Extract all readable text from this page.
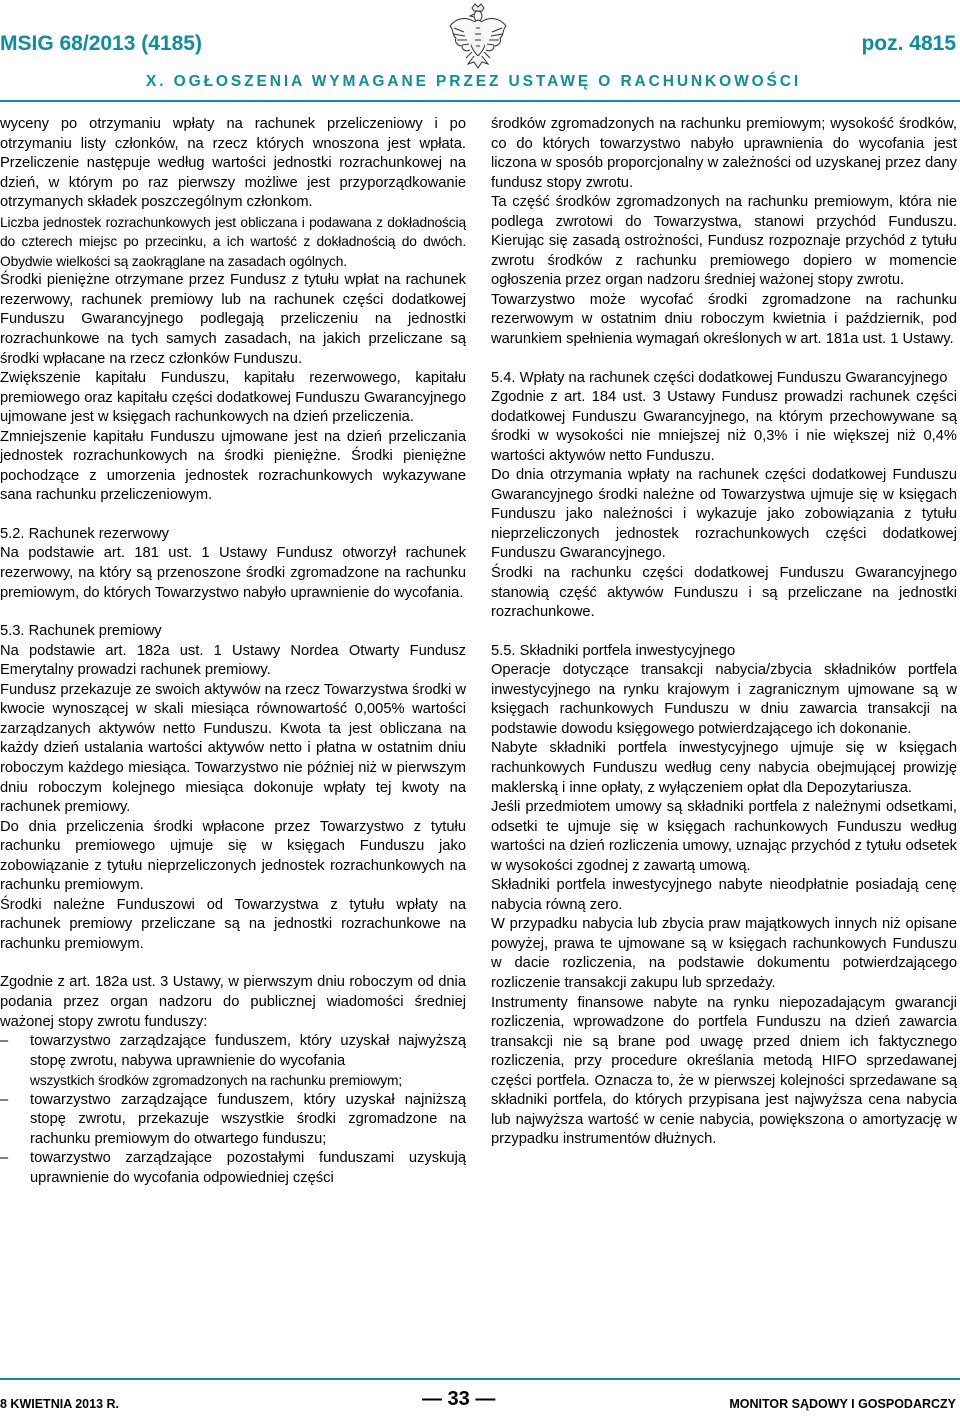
MSIG 68/2013 (4185)	poz. 4815
X. OGŁOSZENIA WYMAGANE PRZEZ USTAWĘ O RACHUNKOWOŚCI

wyceny po otrzymaniu wpłaty na rachunek przeliczeniowy i po otrzymaniu listy członków, na rzecz których wnoszona jest wpłata. Przeliczenie następuje według wartości jednostki rozrachunkowej na dzień, w którym po raz pierwszy możliwe jest przyporządkowanie otrzymanych składek poszczególnym członkom.

Liczba jednostek rozrachunkowych jest obliczana i podawana z dokładnością do czterech miejsc po przecinku, a ich wartość z dokładnością do dwóch. Obydwie wielkości są zaokrąglane na zasadach ogólnych.

Środki pieniężne otrzymane przez Fundusz z tytułu wpłat na rachunek rezerwowy, rachunek premiowy lub na rachunek części dodatkowej Funduszu Gwarancyjnego podlegają przeliczeniu na jednostki rozrachunkowe na tych samych zasadach, na jakich przeliczane są środki wpłacane na rzecz członków Funduszu.

Zwiększenie kapitału Funduszu, kapitału rezerwowego, kapitału premiowego oraz kapitału części dodatkowej Funduszu Gwarancyjnego ujmowane jest w księgach rachunkowych na dzień przeliczenia.

Zmniejszenie kapitału Funduszu ujmowane jest na dzień przeliczania jednostek rozrachunkowych na środki pieniężne. Środki pieniężne pochodzące z umorzenia jednostek rozrachunkowych wykazywane sana rachunku przeliczeniowym.

5.2. Rachunek rezerwowy

Na podstawie art. 181 ust. 1 Ustawy Fundusz otworzył rachunek rezerwowy, na który są przenoszone środki zgromadzone na rachunku premiowym, do których Towarzystwo nabyło uprawnienie do wycofania.

5.3. Rachunek premiowy

Na podstawie art. 182a ust. 1 Ustawy Nordea Otwarty Fundusz Emerytalny prowadzi rachunek premiowy.

Fundusz przekazuje ze swoich aktywów na rzecz Towarzystwa środki w kwocie wynoszącej w skali miesiąca równowartość 0,005% wartości zarządzanych aktywów netto Funduszu. Kwota ta jest obliczana na każdy dzień ustalania wartości aktywów netto i płatna w ostatnim dniu roboczym każdego miesiąca. Towarzystwo nie później niż w pierwszym dniu roboczym kolejnego miesiąca dokonuje wpłaty tej kwoty na rachunek premiowy.

Do dnia przeliczenia środki wpłacone przez Towarzystwo z tytułu rachunku premiowego ujmuje się w księgach Funduszu jako zobowiązanie z tytułu nieprzeliczonych jednostek rozrachunkowych na rachunku premiowym.

Środki należne Funduszowi od Towarzystwa z tytułu wpłaty na rachunek premiowy przeliczane są na jednostki rozrachunkowe na rachunku premiowym.

Zgodnie z art. 182a ust. 3 Ustawy, w pierwszym dniu roboczym od dnia podania przez organ nadzoru do publicznej wiadomości średniej ważonej stopy zwrotu funduszy:

– towarzystwo zarządzające funduszem, który uzyskał najwyższą stopę zwrotu, nabywa uprawnienie do wycofania
wszystkich środków zgromadzonych na rachunku premiowym;
– towarzystwo zarządzające funduszem, który uzyskał najniższą stopę zwrotu, przekazuje wszystkie środki zgromadzone na rachunku premiowym do otwartego funduszu;
– towarzystwo zarządzające pozostałymi funduszami uzyskują uprawnienie do wycofania odpowiedniej części

środków zgromadzonych na rachunku premiowym; wysokość środków, co do których towarzystwo nabyło uprawnienia do wycofania jest liczona w sposób proporcjonalny w zależności od uzyskanej przez dany fundusz stopy zwrotu.

Ta część środków zgromadzonych na rachunku premiowym, która nie podlega zwrotowi do Towarzystwa, stanowi przychód Funduszu. Kierując się zasadą ostrożności, Fundusz rozpoznaje przychód z tytułu zwrotu środków z rachunku premiowego dopiero w momencie ogłoszenia przez organ nadzoru średniej ważonej stopy zwrotu.

Towarzystwo może wycofać środki zgromadzone na rachunku rezerwowym w ostatnim dniu roboczym kwietnia i październik, pod warunkiem spełnienia wymagań określonych w art. 181a ust. 1 Ustawy.

5.4. Wpłaty na rachunek części dodatkowej Funduszu Gwarancyjnego

Zgodnie z art. 184 ust. 3 Ustawy Fundusz prowadzi rachunek części dodatkowej Funduszu Gwarancyjnego, na którym przechowywane są środki w wysokości nie mniejszej niż 0,3% i nie większej niż 0,4% wartości aktywów netto Funduszu.

Do dnia otrzymania wpłaty na rachunek części dodatkowej Funduszu Gwarancyjnego środki należne od Towarzystwa ujmuje się w księgach Funduszu jako należności i wykazuje jako zobowiązania z tytułu nieprzeliczonych jednostek rozrachunkowych części dodatkowej Funduszu Gwarancyjnego.

Środki na rachunku części dodatkowej Funduszu Gwarancyjnego stanowią część aktywów Funduszu i są przeliczane na jednostki rozrachunkowe.

5.5. Składniki portfela inwestycyjnego

Operacje dotyczące transakcji nabycia/zbycia składników portfela inwestycyjnego na rynku krajowym i zagranicznym ujmowane są w księgach rachunkowych Funduszu w dniu zawarcia transakcji na podstawie dowodu księgowego potwierdzającego ich dokonanie.

Nabyte składniki portfela inwestycyjnego ujmuje się w księgach rachunkowych Funduszu według ceny nabycia obejmującej prowizję maklerską i inne opłaty, z wyłączeniem opłat dla Depozytariusza.

Jeśli przedmiotem umowy są składniki portfela z należnymi odsetkami, odsetki te ujmuje się w księgach rachunkowych Funduszu według wartości na dzień rozliczenia umowy, uznając przychód z tytułu odsetek w wysokości zgodnej z zawartą umową.

Składniki portfela inwestycyjnego nabyte nieodpłatnie posiadają cenę nabycia równą zero.

W przypadku nabycia lub zbycia praw majątkowych innych niż opisane powyżej, prawa te ujmowane są w księgach rachunkowych Funduszu w dacie rozliczenia, na podstawie dokumentu potwierdzającego rozliczenie transakcji zakupu lub sprzedaży.

Instrumenty finansowe nabyte na rynku niepozadającym gwarancji rozliczenia, wprowadzone do portfela Funduszu na dzień zawarcia transakcji nie są brane pod uwagę przed dniem ich faktycznego rozliczenia, przy procedure określania metodą HIFO sprzedawanej części portfela. Oznacza to, że w pierwszej kolejności sprzedawane są składniki portfela, do których przypisana jest najwyższa cena nabycia lub najwyższa wartość w cenie nabycia, powiększona o amortyzację w przypadku instrumentów dłużnych.

8 KWIETNIA 2013 R.	— 33 —	MONITOR SĄDOWY I GOSPODARCZY
